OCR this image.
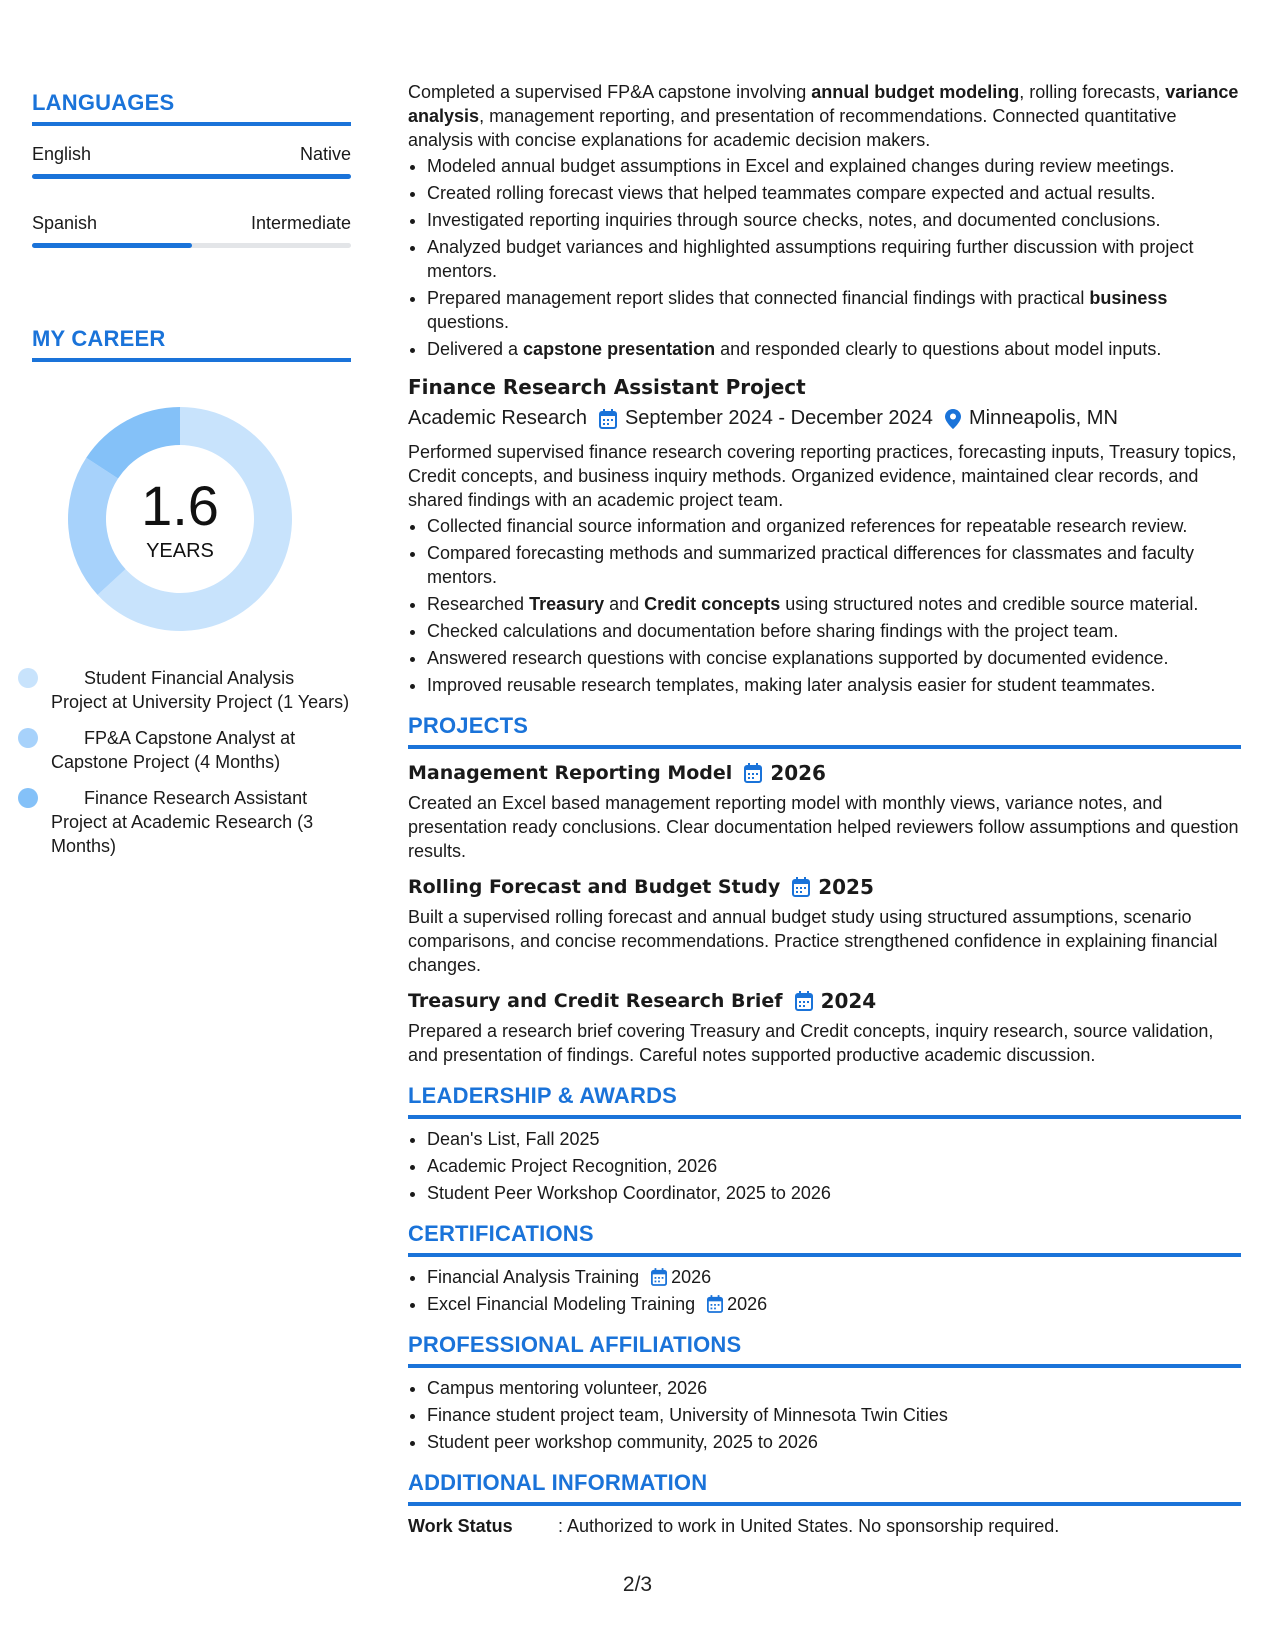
LANGUAGES
English	Native
Spanish	Intermediate
MY CAREER
1.6
YEARS
Student Financial Analysis Project at University Project (1 Years)
FP&A Capstone Analyst at Capstone Project (4 Months)
Finance Research Assistant Project at Academic Research (3 Months)
Completed a supervised FP&A capstone involving annual budget modeling, rolling forecasts, variance analysis, management reporting, and presentation of recommendations. Connected quantitative analysis with concise explanations for academic decision makers.
• Modeled annual budget assumptions in Excel and explained changes during review meetings.
• Created rolling forecast views that helped teammates compare expected and actual results.
• Investigated reporting inquiries through source checks, notes, and documented conclusions.
• Analyzed budget variances and highlighted assumptions requiring further discussion with project mentors.
• Prepared management report slides that connected financial findings with practical business questions.
• Delivered a capstone presentation and responded clearly to questions about model inputs.
Finance Research Assistant Project
Academic Research September 2024 - December 2024 Minneapolis, MN
Performed supervised finance research covering reporting practices, forecasting inputs, Treasury topics, Credit concepts, and business inquiry methods. Organized evidence, maintained clear records, and shared findings with an academic project team.
• Collected financial source information and organized references for repeatable research review.
• Compared forecasting methods and summarized practical differences for classmates and faculty mentors.
• Researched Treasury and Credit concepts using structured notes and credible source material.
• Checked calculations and documentation before sharing findings with the project team.
• Answered research questions with concise explanations supported by documented evidence.
• Improved reusable research templates, making later analysis easier for student teammates.
PROJECTS
Management Reporting Model 2026
Created an Excel based management reporting model with monthly views, variance notes, and presentation ready conclusions. Clear documentation helped reviewers follow assumptions and question results.
Rolling Forecast and Budget Study 2025
Built a supervised rolling forecast and annual budget study using structured assumptions, scenario comparisons, and concise recommendations. Practice strengthened confidence in explaining financial changes.
Treasury and Credit Research Brief 2024
Prepared a research brief covering Treasury and Credit concepts, inquiry research, source validation, and presentation of findings. Careful notes supported productive academic discussion.
LEADERSHIP & AWARDS
• Dean's List, Fall 2025
• Academic Project Recognition, 2026
• Student Peer Workshop Coordinator, 2025 to 2026
CERTIFICATIONS
• Financial Analysis Training 2026
• Excel Financial Modeling Training 2026
PROFESSIONAL AFFILIATIONS
• Campus mentoring volunteer, 2026
• Finance student project team, University of Minnesota Twin Cities
• Student peer workshop community, 2025 to 2026
ADDITIONAL INFORMATION
Work Status	: Authorized to work in United States. No sponsorship required.
2/3
